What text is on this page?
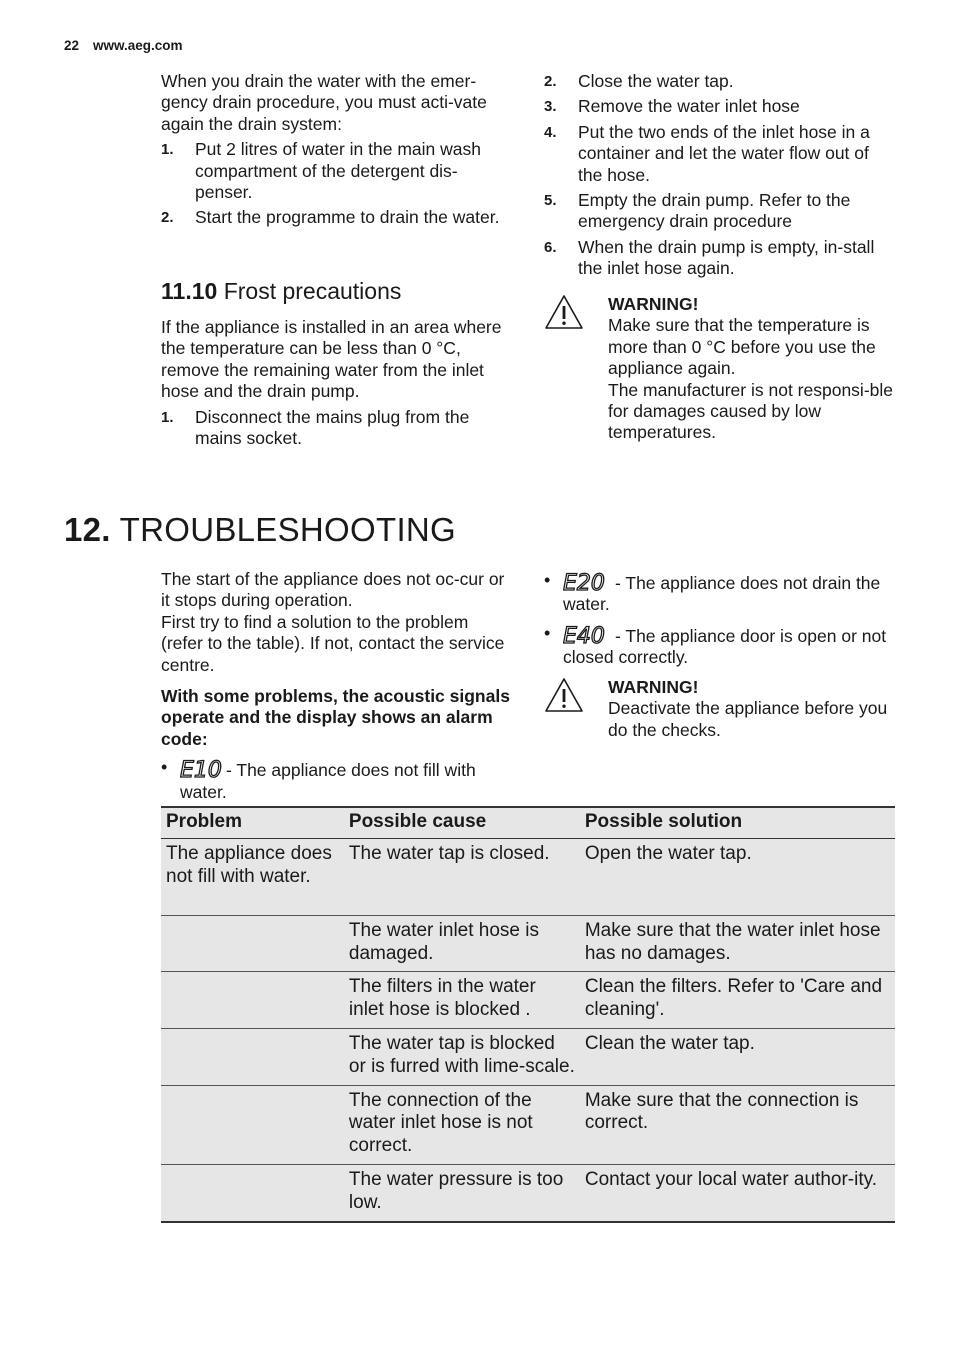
22 www.aeg.com
When you drain the water with the emer-gency drain procedure, you must acti-vate again the drain system:
1. Put 2 litres of water in the main wash compartment of the detergent dis-penser.
2. Start the programme to drain the water.
11.10 Frost precautions
If the appliance is installed in an area where the temperature can be less than 0 °C, remove the remaining water from the inlet hose and the drain pump.
1. Disconnect the mains plug from the mains socket.
2. Close the water tap.
3. Remove the water inlet hose
4. Put the two ends of the inlet hose in a container and let the water flow out of the hose.
5. Empty the drain pump. Refer to the emergency drain procedure
6. When the drain pump is empty, in-stall the inlet hose again.
WARNING!
Make sure that the temperature is more than 0 °C before you use the appliance again.
The manufacturer is not responsi-ble for damages caused by low temperatures.
12. TROUBLESHOOTING
The start of the appliance does not oc-cur or it stops during operation.
First try to find a solution to the problem (refer to the table). If not, contact the service centre.
With some problems, the acoustic signals operate and the display shows an alarm code:
• E10 - The appliance does not fill with water.
• E20 - The appliance does not drain the water.
• E40 - The appliance door is open or not closed correctly.
WARNING!
Deactivate the appliance before you do the checks.
Problem	Possible cause	Possible solution
The appliance does not fill with water.	The water tap is closed.	Open the water tap.
	The water inlet hose is damaged.	Make sure that the water inlet hose has no damages.
	The filters in the water inlet hose is blocked .	Clean the filters. Refer to 'Care and cleaning'.
	The water tap is blocked or is furred with lime-scale.	Clean the water tap.
	The connection of the water inlet hose is not correct.	Make sure that the connection is correct.
	The water pressure is too low.	Contact your local water author-ity.
